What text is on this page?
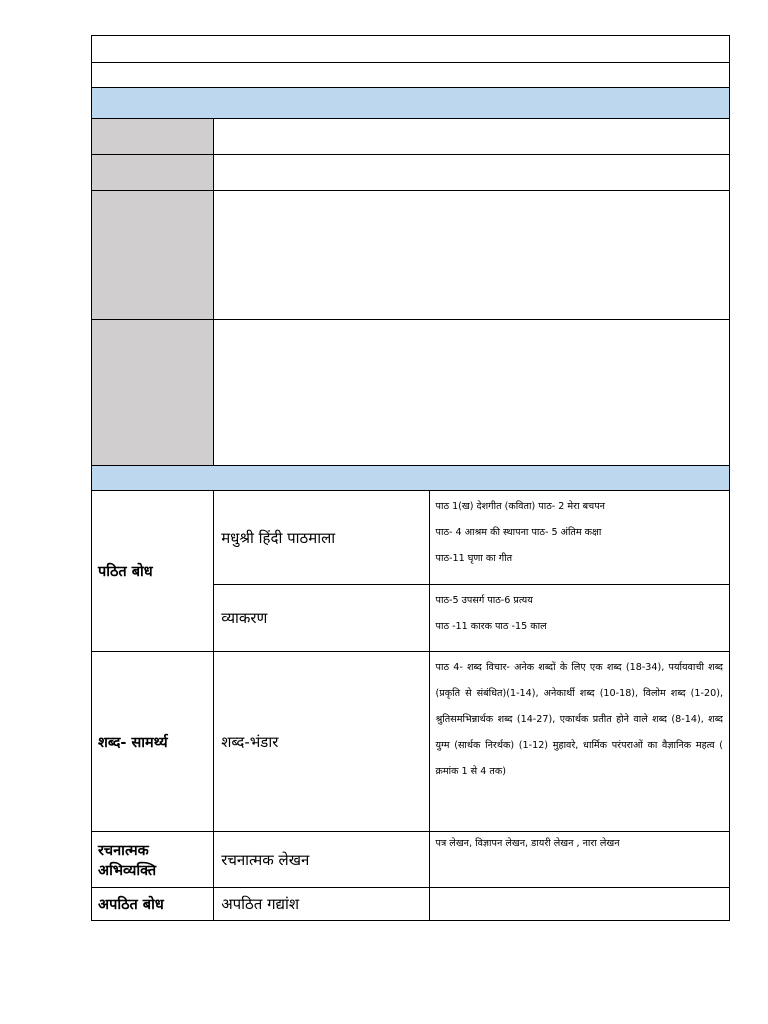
पठित बोध	मधुश्री हिंदी पाठमाला	पाठ 1(ख) देशगीत (कविता) पाठ- 2 मेरा बचपन
पाठ- 4 आश्रम की स्थापना पाठ- 5 अंतिम कक्षा
पाठ-11 घृणा का गीत

	व्याकरण	पाठ-5 उपसर्ग पाठ-6 प्रत्यय
पाठ -11 कारक पाठ -15 काल

शब्द- सामर्थ्य	शब्द-भंडार	पाठ 4- शब्द विचार- अनेक शब्दों के लिए एक शब्द (18-34), पर्यायवाची शब्द (प्रकृति से संबंधित)(1-14), अनेकार्थी शब्द (10-18), विलोम शब्द (1-20), श्रुतिसमभिन्नार्थक शब्द (14-27), एकार्थक प्रतीत होने वाले शब्द (8-14), शब्द युग्म (सार्थक निरर्थक) (1-12) मुहावरे, धार्मिक परंपराओं का वैज्ञानिक महत्व ( क्रमांक 1 से 4 तक)

रचनात्मक
अभिव्यक्ति	रचनात्मक लेखन	पत्र लेखन, विज्ञापन लेखन, डायरी लेखन , नारा लेखन

अपठित बोध	अपठित गद्यांश	
